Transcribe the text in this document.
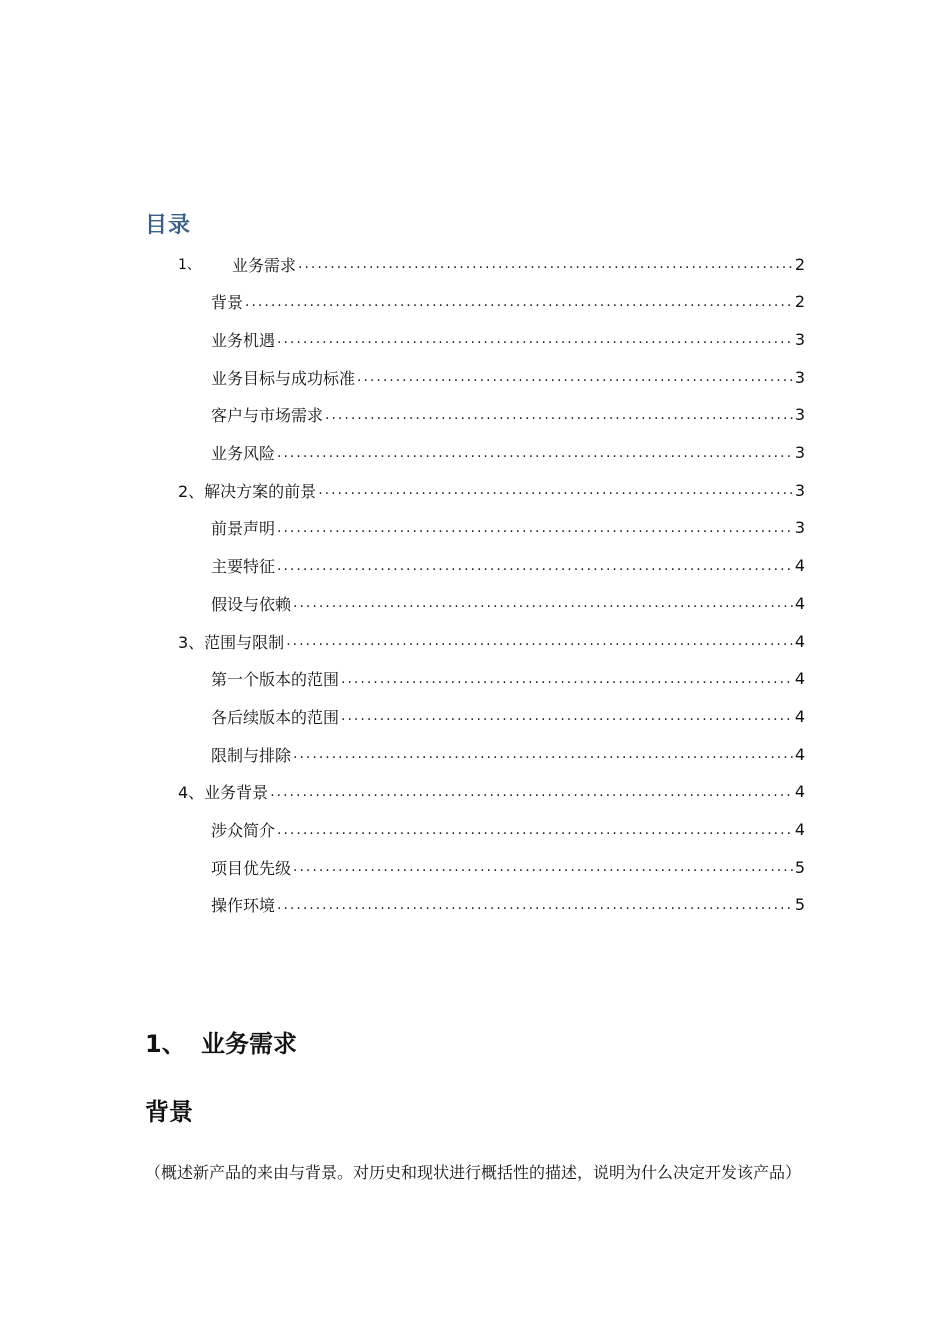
目录
1、	业务需求 .....	2
背景 .....	2
业务机遇 .....	3
业务目标与成功标准 .....	3
客户与市场需求 .....	3
业务风险 .....	3
2、解决方案的前景 .....	3
前景声明 .....	3
主要特征 .....	4
假设与依赖 .....	4
3、范围与限制 .....	4
第一个版本的范围 .....	4
各后续版本的范围 .....	4
限制与排除 .....	4
4、业务背景 .....	4
涉众简介 .....	4
项目优先级 .....	5
操作环境 .....	5
1、 业务需求
背景

（概述新产品的来由与背景。对历史和现状进行概括性的描述，说明为什么决定开发该产品）
